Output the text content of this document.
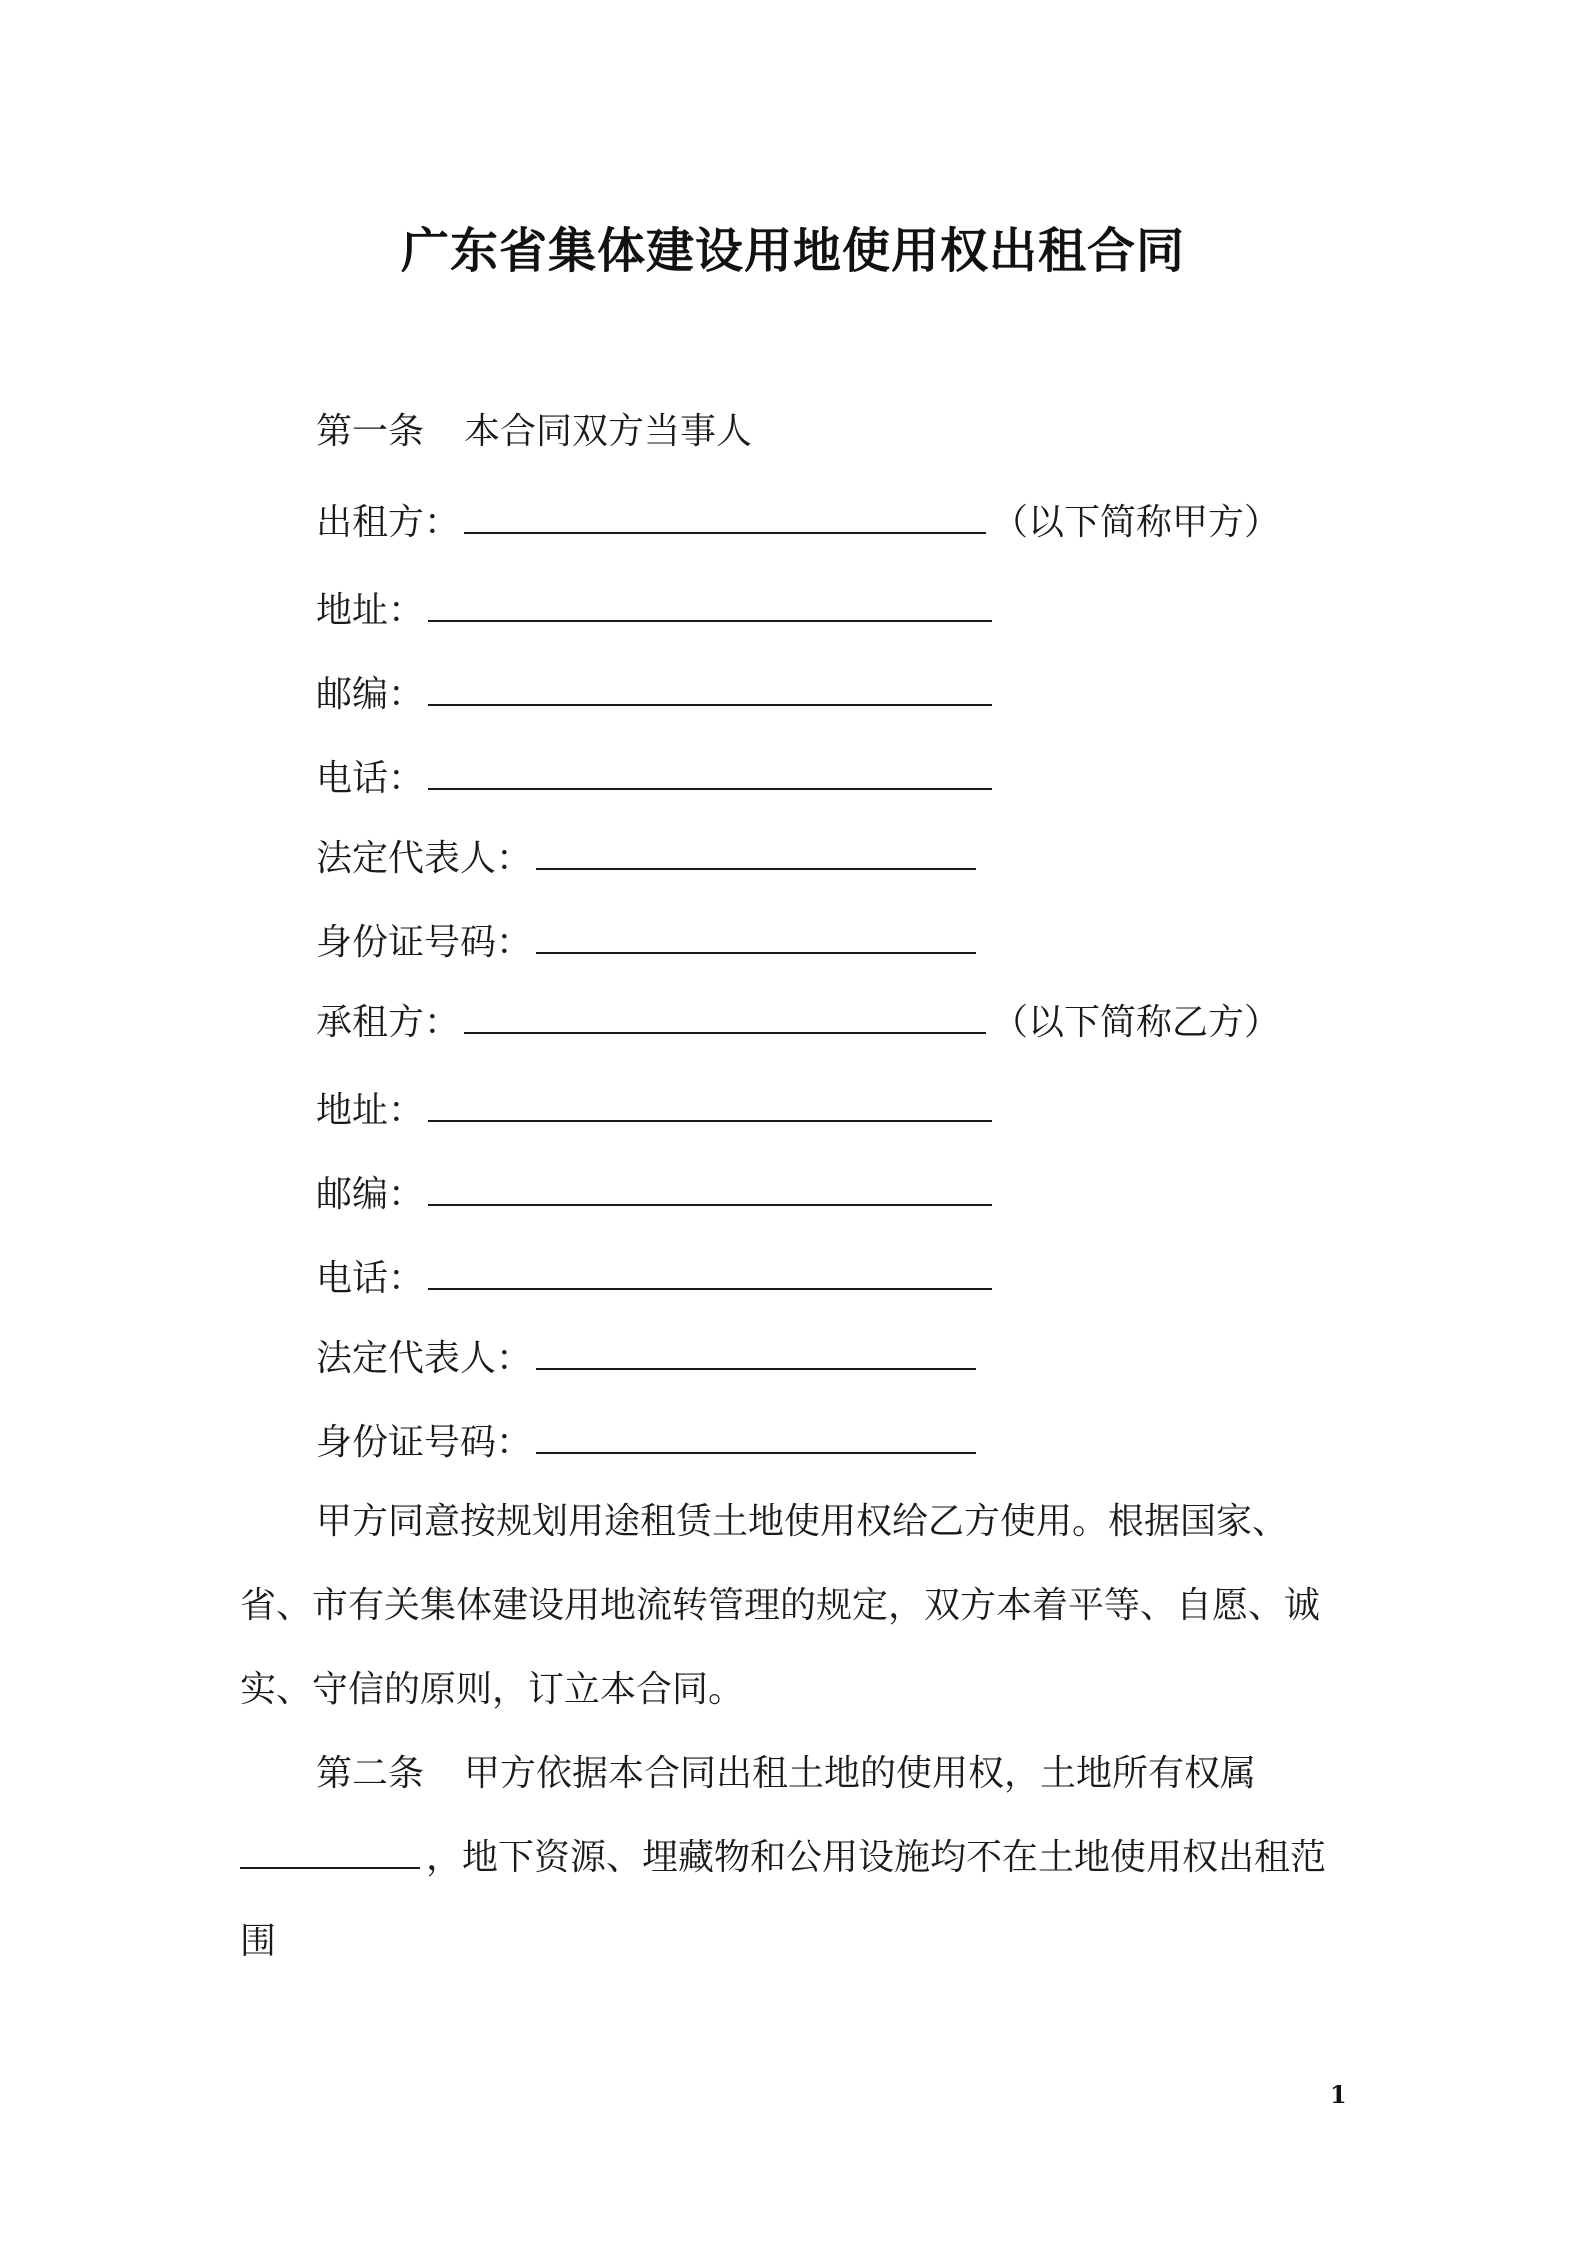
广东省集体建设用地使用权出租合同
第一条 本合同双方当事人
出租方：	（以下简称甲方）
地址：
邮编：
电话：
法定代表人：
身份证号码：
承租方：	（以下简称乙方）
地址：
邮编：
电话：
法定代表人：
身份证号码：
甲方同意按规划用途租赁土地使用权给乙方使用。根据国家、省、市有关集体建设用地流转管理的规定，双方本着平等、自愿、诚实、守信的原则，订立本合同。
第二条 甲方依据本合同出租土地的使用权，土地所有权属，地下资源、埋藏物和公用设施均不在土地使用权出租范围
1
